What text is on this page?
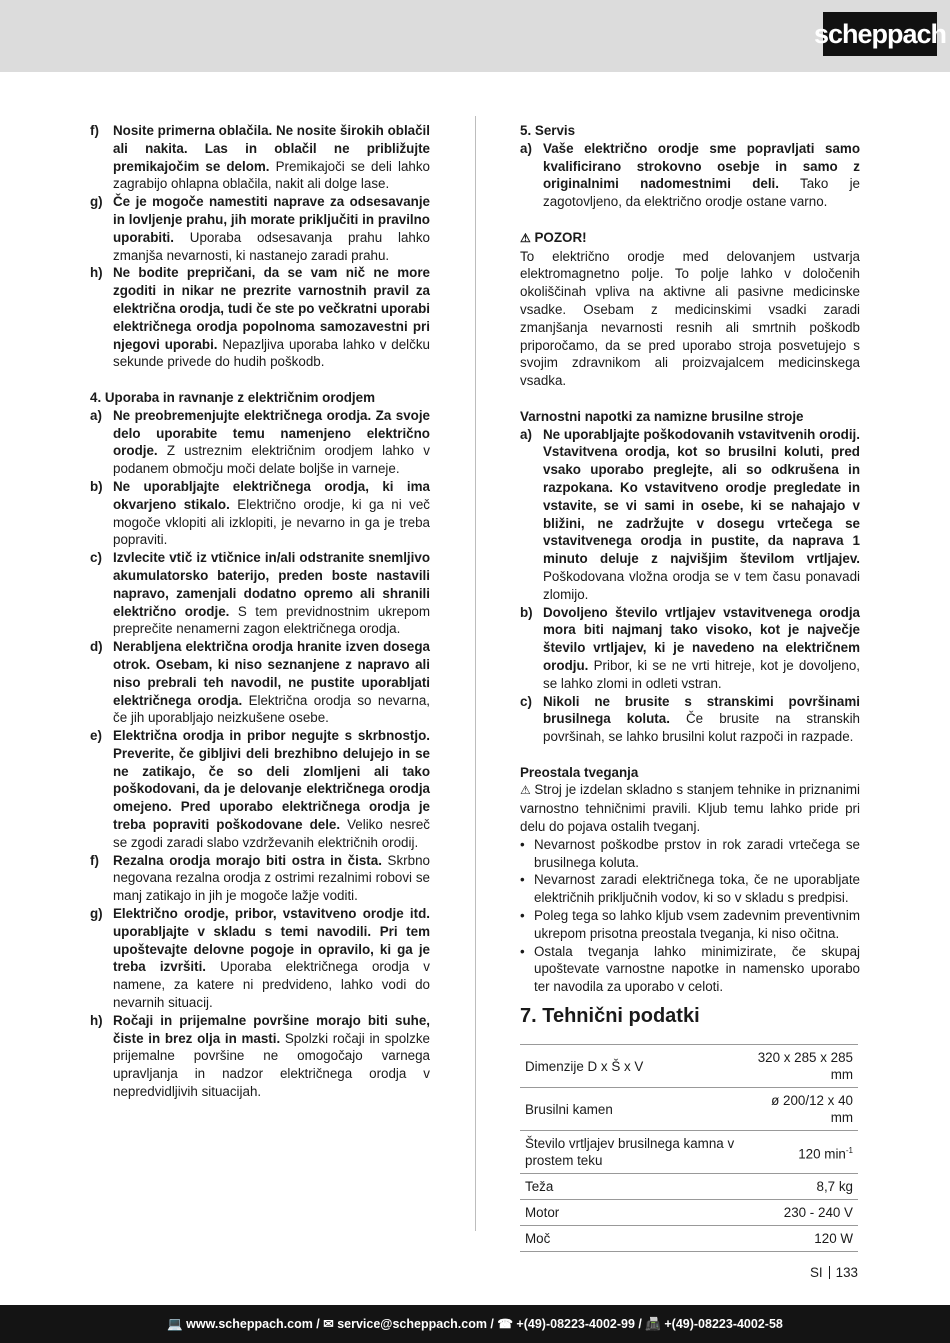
scheppach
f)	Nosite primerna oblačila. Ne nosite širokih oblačil ali nakita. Las in oblačil ne približujte premikajočim se delom. Premikajoči se deli lahko zagrabijo ohlapna oblačila, nakit ali dolge lase.
g) Če je mogoče namestiti naprave za odsesavanje in lovljenje prahu, jih morate priključiti in pravilno uporabiti. Uporaba odsesavanja prahu lahko zmanjša nevarnosti, ki nastanejo zaradi prahu.
h) Ne bodite prepričani, da se vam nič ne more zgoditi in nikar ne prezrite varnostnih pravil za električna orodja, tudi če ste po večkratni uporabi električnega orodja popolnoma samozavestni pri njegovi uporabi. Nepazljiva uporaba lahko v delčku sekunde privede do hudih poškodb.
4. Uporaba in ravnanje z električnim orodjem
a) Ne preobremenjujte električnega orodja. Za svoje delo uporabite temu namenjeno električno orodje. Z ustreznim električnim orodjem lahko v podanem območju moči delate boljše in varneje.
b) Ne uporabljajte električnega orodja, ki ima okvarjeno stikalo. Električno orodje, ki ga ni več mogoče vklopiti ali izklopiti, je nevarno in ga je treba popraviti.
c) Izvlecite vtič iz vtičnice in/ali odstranite snemljivo akumulatorsko baterijo, preden boste nastavili napravo, zamenjali dodatno opremo ali shranili električno orodje. S tem previdnostnim ukrepom preprečite nenamerni zagon električnega orodja.
d) Nerabljena električna orodja hranite izven dosega otrok. Osebam, ki niso seznanjene z napravo ali niso prebrali teh navodil, ne pustite uporabljati električnega orodja. Električna orodja so nevarna, če jih uporabljajo neizkušene osebe.
e) Električna orodja in pribor negujte s skrbnostjo. Preverite, če gibljivi deli brezhibno delujejo in se ne zatikajo, če so deli zlomljeni ali tako poškodovani, da je delovanje električnega orodja omejeno. Pred uporabo električnega orodja je treba popraviti poškodovane dele. Veliko nesreč se zgodi zaradi slabo vzdrževanih električnih orodij.
f)	Rezalna orodja morajo biti ostra in čista. Skrbno negovana rezalna orodja z ostrimi rezalnimi robovi se manj zatikajo in jih je mogoče lažje voditi.
g) Električno orodje, pribor, vstavitveno orodje itd. uporabljajte v skladu s temi navodili. Pri tem upoštevajte delovne pogoje in opravilo, ki ga je treba izvršiti. Uporaba električnega orodja v namene, za katere ni predvideno, lahko vodi do nevarnih situacij.
h) Ročaji in prijemalne površine morajo biti suhe, čiste in brez olja in masti. Spolzki ročaji in spolzke prijemalne površine ne omogočajo varnega upravljanja in nadzor električnega orodja v nepredvidljivih situacijah.
5. Servis
a) Vaše električno orodje sme popravljati samo kvalificirano strokovno osebje in samo z originalnimi nadomestnimi deli. Tako je zagotovljeno, da električno orodje ostane varno.
⚠ POZOR!
To električno orodje med delovanjem ustvarja elektromagnetno polje. To polje lahko v določenih okoliščinah vpliva na aktivne ali pasivne medicinske vsadke. Osebam z medicinskimi vsadki zaradi zmanjšanja nevarnosti resnih ali smrtnih poškodb priporočamo, da se pred uporabo stroja posvetujejo s svojim zdravnikom ali proizvajalcem medicinskega vsadka.
Varnostni napotki za namizne brusilne stroje
a) Ne uporabljajte poškodovanih vstavitvenih orodij. Vstavitvena orodja, kot so brusilni koluti, pred vsako uporabo preglejte, ali so odkrušena in razpokana. Ko vstavitveno orodje pregledate in vstavite, se vi sami in osebe, ki se nahajajo v bližini, ne zadržujte v dosegu vrtečega se vstavitvenega orodja in pustite, da naprava 1 minuto deluje z najvišjim številom vrtljajev. Poškodovana vložna orodja se v tem času ponavadi zlomijo.
b) Dovoljeno število vrtljajev vstavitvenega orodja mora biti najmanj tako visoko, kot je največje število vrtljajev, ki je navedeno na električnem orodju. Pribor, ki se ne vrti hitreje, kot je dovoljeno, se lahko zlomi in odleti vstran.
c) Nikoli ne brusite s stranskimi površinami brusilnega koluta. Če brusite na stranskih površinah, se lahko brusilni kolut razpoči in razpade.
Preostala tveganja
⚠ Stroj je izdelan skladno s stanjem tehnike in priznanimi varnostno tehničnimi pravili. Kljub temu lahko pride pri delu do pojava ostalih tveganj.
• Nevarnost poškodbe prstov in rok zaradi vrtečega se brusilnega koluta.
• Nevarnost zaradi električnega toka, če ne uporabljate električnih priključnih vodov, ki so v skladu s predpisi.
• Poleg tega so lahko kljub vsem zadevnim preventivnim ukrepom prisotna preostala tveganja, ki niso očitna.
• Ostala tveganja lahko minimizirate, če skupaj upoštevate varnostne napotke in namensko uporabo ter navodila za uporabo v celoti.
7. Tehnični podatki
Dimenzije D x Š x V	320 x 285 x 285 mm
Brusilni kamen	ø 200/12 x 40 mm
Število vrtljajev brusilnega kamna v prostem teku	120 $\min^{-1}$
Teža	8,7 kg
Motor	230 - 240 V
Moč	120 W
SI 133
💻 www.scheppach.com / ✉ service@scheppach.com / ☎ +(49)-08223-4002-99 / 📠 +(49)-08223-4002-58
